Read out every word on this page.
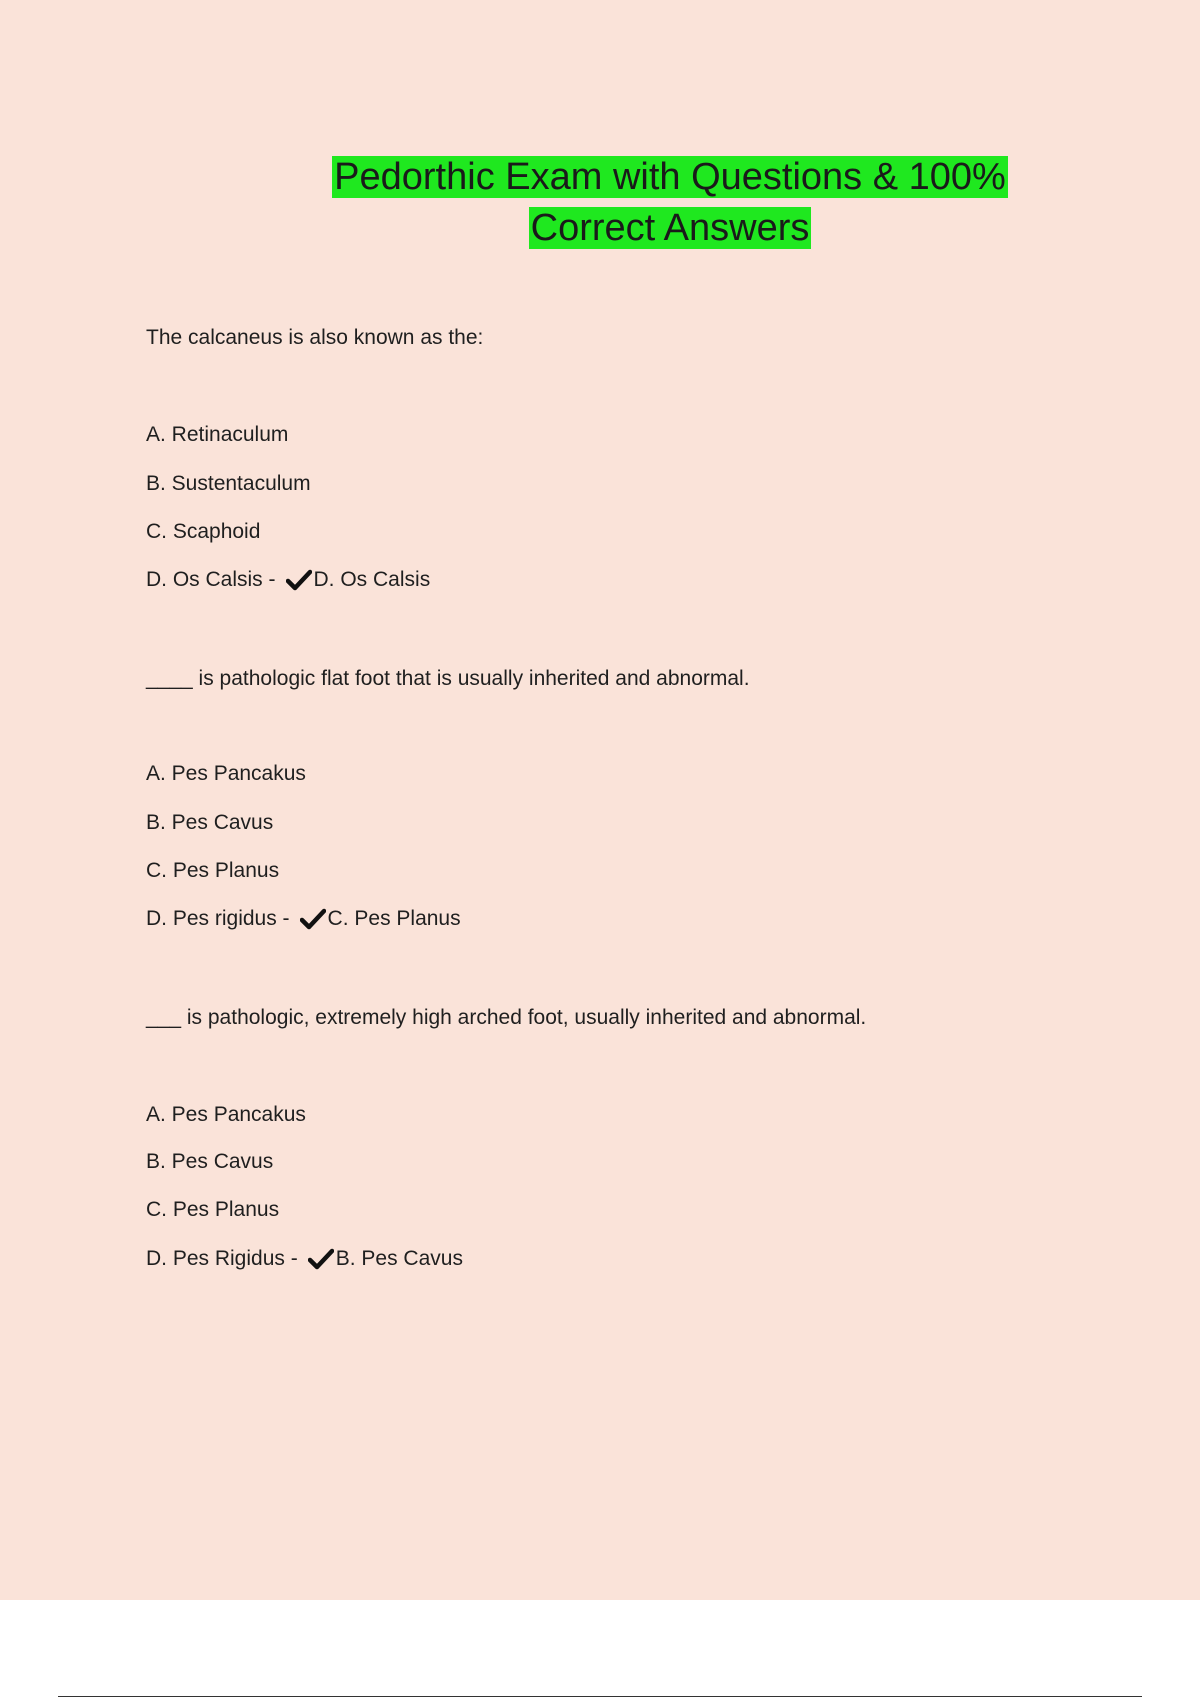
Pedorthic Exam with Questions & 100%
Correct Answers
The calcaneus is also known as the:
A. Retinaculum
B. Sustentaculum
C. Scaphoid
D. Os Calsis - D. Os Calsis
____ is pathologic flat foot that is usually inherited and abnormal.
A. Pes Pancakus
B. Pes Cavus
C. Pes Planus
D. Pes rigidus - C. Pes Planus
___ is pathologic, extremely high arched foot, usually inherited and abnormal.
A. Pes Pancakus
B. Pes Cavus
C. Pes Planus
D. Pes Rigidus - B. Pes Cavus
